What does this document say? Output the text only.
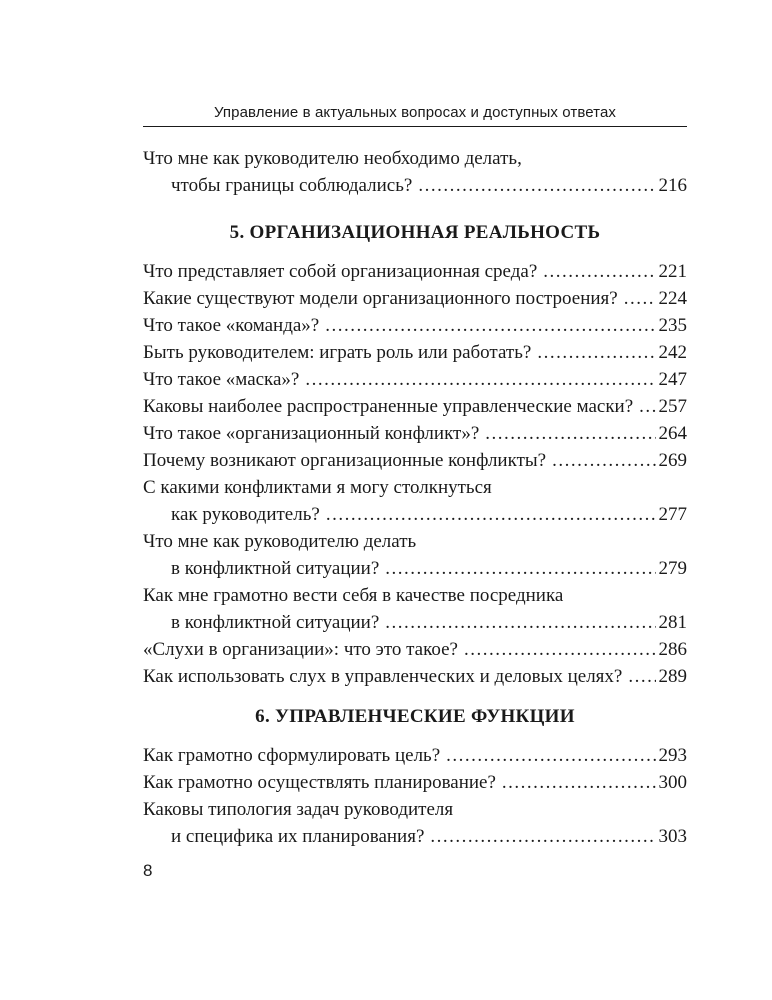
Управление в актуальных вопросах и доступных ответах
Что мне как руководителю необходимо делать,
чтобы границы соблюдались? .....	216
5. ОРГАНИЗАЦИОННАЯ РЕАЛЬНОСТЬ
Что представляет собой организационная среда? .....	221
Какие существуют модели организационного построения? ..... 224
Что такое «команда»? .....	235
Быть руководителем: играть роль или работать? .....	242
Что такое «маска»? .....	247
Каковы наиболее распространенные управленческие маски? ..... 257
Что такое «организационный конфликт»? .....	264
Почему возникают организационные конфликты? .....	269
С какими конфликтами я могу столкнуться
как руководитель? .....	277
Что мне как руководителю делать
в конфликтной ситуации? .....	279
Как мне грамотно вести себя в качестве посредника
в конфликтной ситуации? .....	281
«Слухи в организации»: что это такое? .....	286
Как использовать слух в управленческих и деловых целях? ..... 289
6. УПРАВЛЕНЧЕСКИЕ ФУНКЦИИ
Как грамотно сформулировать цель? .....	293
Как грамотно осуществлять планирование? .....	300
Каковы типология задач руководителя
и специфика их планирования? .....	303
8
